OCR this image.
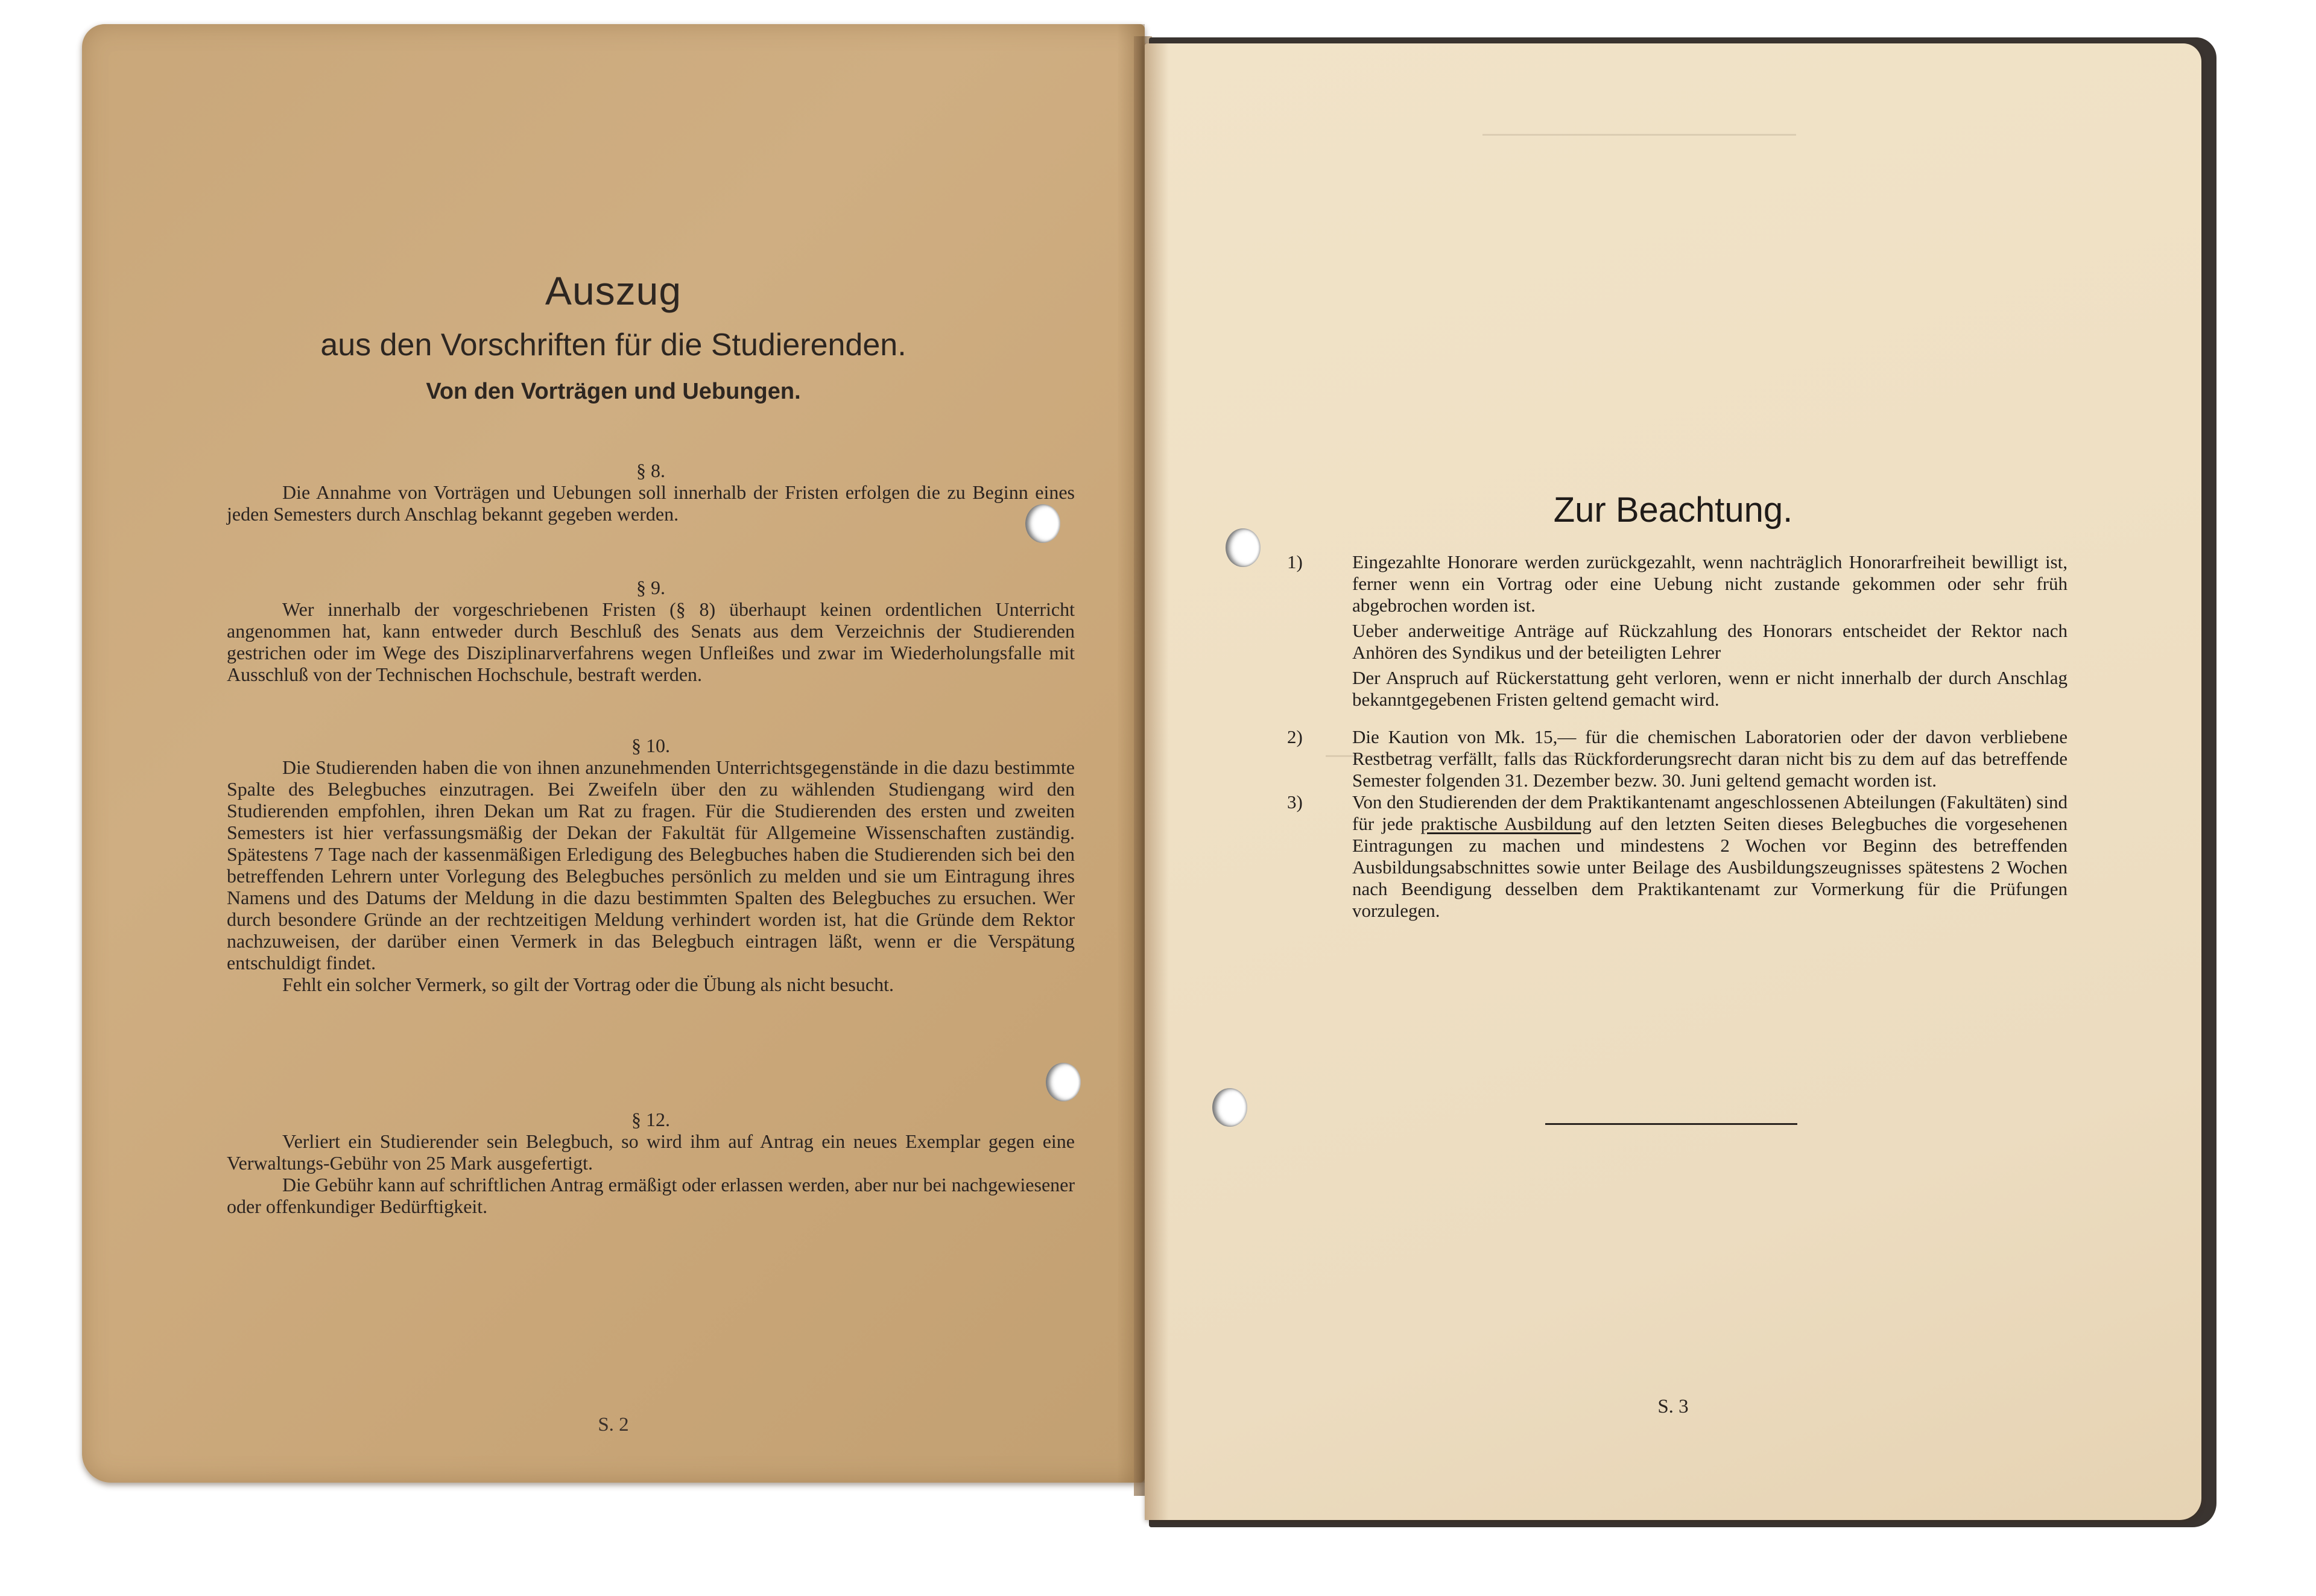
Auszug
aus den Vorschriften für die Studierenden.
Von den Vorträgen und Uebungen.

§ 8.

Die Annahme von Vorträgen und Uebungen soll innerhalb der Fristen erfolgen die zu Beginn eines jeden Semesters durch Anschlag bekannt gegeben werden.

§ 9.

Wer innerhalb der vorgeschriebenen Fristen (§ 8) überhaupt keinen ordentlichen Unterricht angenommen hat, kann entweder durch Beschluß des Senats aus dem Verzeichnis der Studierenden gestrichen oder im Wege des Disziplinarverfahrens wegen Unfleißes und zwar im Wiederholungsfalle mit Ausschluß von der Technischen Hochschule, bestraft werden.

§ 10.

Die Studierenden haben die von ihnen anzunehmenden Unterrichtsgegenstände in die dazu bestimmte Spalte des Belegbuches einzutragen. Bei Zweifeln über den zu wählenden Studiengang wird den Studierenden empfohlen, ihren Dekan um Rat zu fragen. Für die Studierenden des ersten und zweiten Semesters ist hier verfassungsmäßig der Dekan der Fakultät für Allgemeine Wissenschaften zuständig. Spätestens 7 Tage nach der kassenmäßigen Erledigung des Belegbuches haben die Studierenden sich bei den betreffenden Lehrern unter Vorlegung des Belegbuches persönlich zu melden und sie um Eintragung ihres Namens und des Datums der Meldung in die dazu bestimmten Spalten des Belegbuches zu ersuchen. Wer durch besondere Gründe an der rechtzeitigen Meldung verhindert worden ist, hat die Gründe dem Rektor nachzuweisen, der darüber einen Vermerk in das Belegbuch eintragen läßt, wenn er die Verspätung entschuldigt findet.

Fehlt ein solcher Vermerk, so gilt der Vortrag oder die Übung als nicht besucht.

§ 12.

Verliert ein Studierender sein Belegbuch, so wird ihm auf Antrag ein neues Exemplar gegen eine Verwaltungs-Gebühr von 25 Mark ausgefertigt.

Die Gebühr kann auf schriftlichen Antrag ermäßigt oder erlassen werden, aber nur bei nachgewiesener oder offenkundiger Bedürftigkeit.

S. 2
Zur Beachtung.
1)	Eingezahlte Honorare werden zurückgezahlt, wenn nachträglich Honorarfreiheit bewilligt ist, ferner wenn ein Vortrag oder eine Uebung nicht zustande gekommen oder sehr früh abgebrochen worden ist.

Ueber anderweitige Anträge auf Rückzahlung des Honorars entscheidet der Rektor nach Anhören des Syndikus und der beteiligten Lehrer

Der Anspruch auf Rückerstattung geht verloren, wenn er nicht innerhalb der durch Anschlag bekanntgegebenen Fristen geltend gemacht wird.

2)	Die Kaution von Mk. 15,— für die chemischen Laboratorien oder der davon verbliebene Restbetrag verfällt, falls das Rückforderungsrecht daran nicht bis zu dem auf das betreffende Semester folgenden 31. Dezember bezw. 30. Juni geltend gemacht worden ist.

3)	Von den Studierenden der dem Praktikantenamt angeschlossenen Abteilungen (Fakultäten) sind für jede praktische Ausbildung auf den letzten Seiten dieses Belegbuches die vorgesehenen Eintragungen zu machen und mindestens 2 Wochen vor Beginn des betreffenden Ausbildungsabschnittes sowie unter Beilage des Ausbildungszeugnisses spätestens 2 Wochen nach Beendigung desselben dem Praktikantenamt zur Vormerkung für die Prüfungen vorzulegen.

S. 3
